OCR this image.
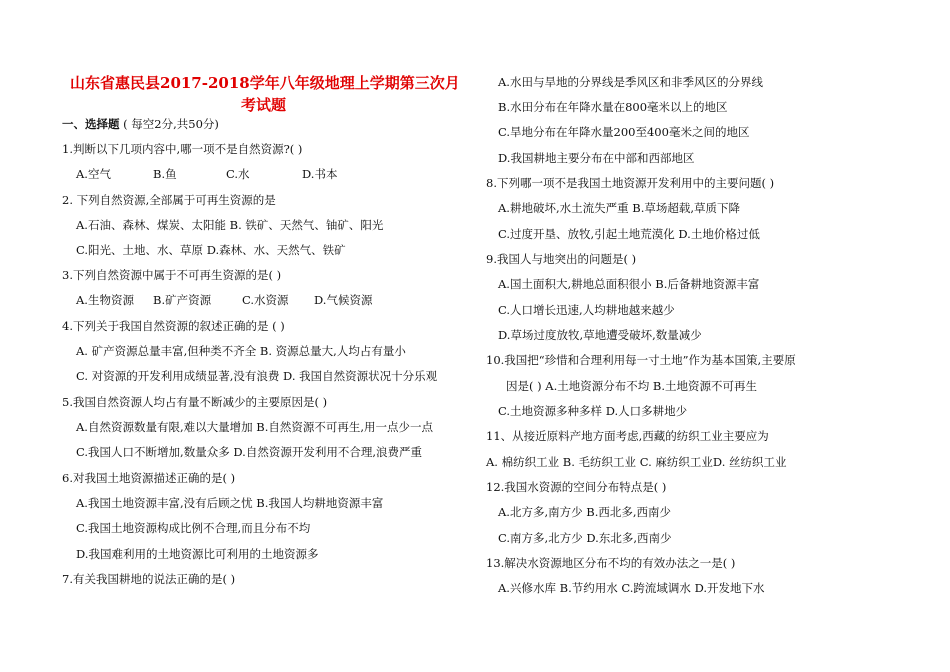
山东省惠民县2017-2018学年八年级地理上学期第三次月
考试题
一、选择题 ( 每空2分,共50分)
1.判断以下几项内容中,哪一项不是自然资源?( )
A.空气	B.鱼	C.水	D.书本
2. 下列自然资源,全部属于可再生资源的是
A.石油、森林、煤炭、太阳能 B. 铁矿、天然气、铀矿、阳光
C.阳光、土地、水、草原 D.森林、水、天然气、铁矿
3.下列自然资源中属于不可再生资源的是( )
A.生物资源 B.矿产资源	C.水资源 D.气候资源
4.下列关于我国自然资源的叙述正确的是 ( )
A. 矿产资源总量丰富,但种类不齐全 B. 资源总量大,人均占有量小
C. 对资源的开发利用成绩显著,没有浪费 D. 我国自然资源状况十分乐观
5.我国自然资源人均占有量不断减少的主要原因是( )
A.自然资源数量有限,难以大量增加 B.自然资源不可再生,用一点少一点
C.我国人口不断增加,数量众多 D.自然资源开发利用不合理,浪费严重
6.对我国土地资源描述正确的是( )
A.我国土地资源丰富,没有后顾之忧 B.我国人均耕地资源丰富
C.我国土地资源构成比例不合理,而且分布不均
D.我国难利用的土地资源比可利用的土地资源多
7.有关我国耕地的说法正确的是( )
A.水田与旱地的分界线是季风区和非季风区的分界线
B.水田分布在年降水量在800毫米以上的地区
C.旱地分布在年降水量200至400毫米之间的地区
D.我国耕地主要分布在中部和西部地区
8.下列哪一项不是我国土地资源开发利用中的主要问题( )
A.耕地破坏,水土流失严重 B.草场超载,草质下降
C.过度开垦、放牧,引起土地荒漠化 D.土地价格过低
9.我国人与地突出的问题是( )
A.国土面积大,耕地总面积很小 B.后备耕地资源丰富
C.人口增长迅速,人均耕地越来越少
D.草场过度放牧,草地遭受破坏,数量减少
10.我国把“珍惜和合理利用每一寸土地”作为基本国策,主要原
因是( ) A.土地资源分布不均 B.土地资源不可再生
C.土地资源多种多样 D.人口多耕地少
11、从接近原料产地方面考虑,西藏的纺织工业主要应为
A. 棉纺织工业 B. 毛纺织工业 C. 麻纺织工业D. 丝纺织工业
12.我国水资源的空间分布特点是( )
A.北方多,南方少 B.西北多,西南少
C.南方多,北方少 D.东北多,西南少
13.解决水资源地区分布不均的有效办法之一是( )
A.兴修水库 B.节约用水 C.跨流域调水 D.开发地下水
